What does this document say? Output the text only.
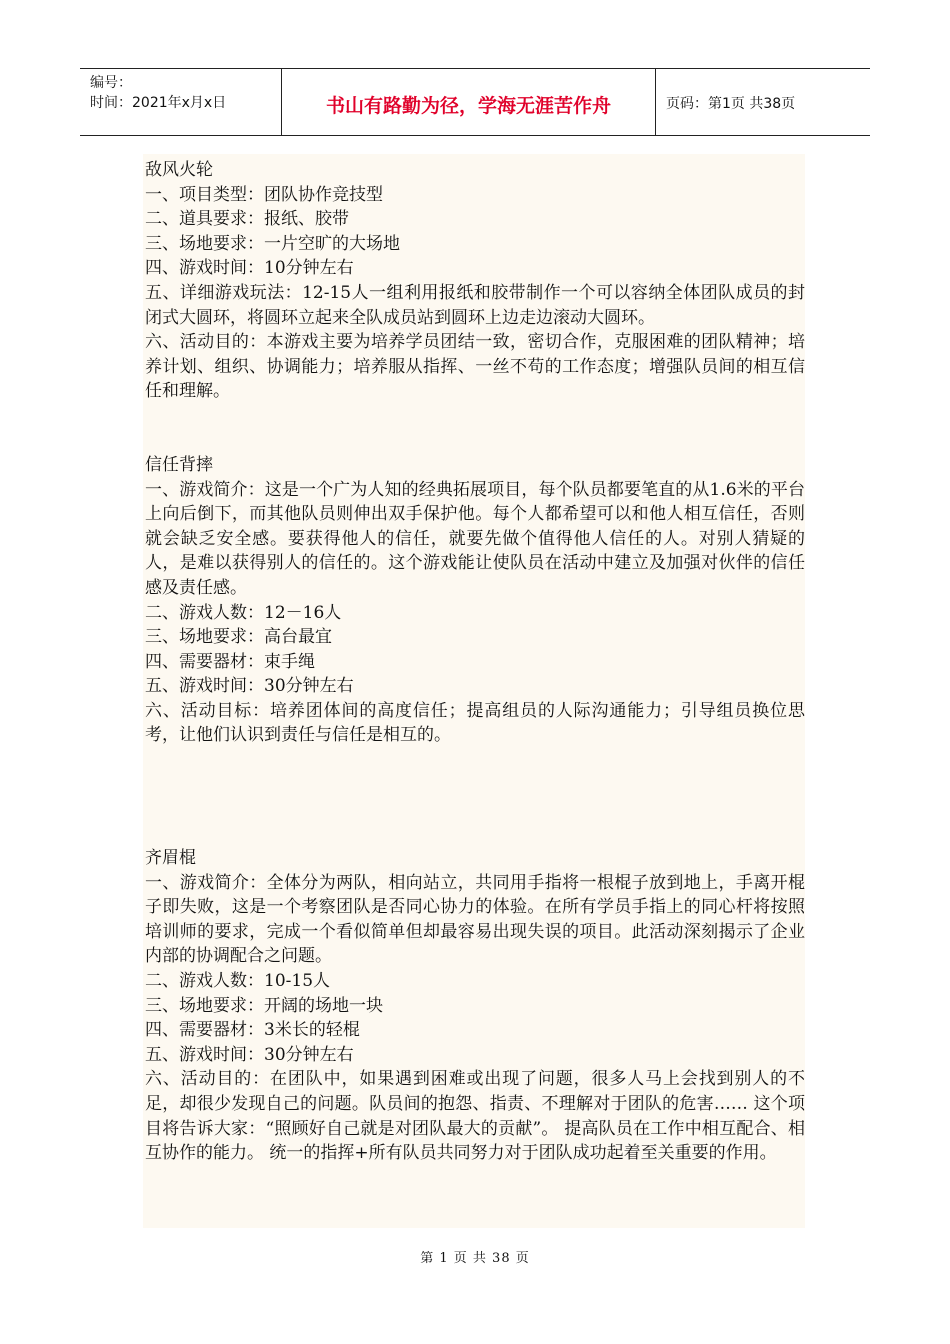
编号：
时间：2021年x月x日	书山有路勤为径，学海无涯苦作舟	页码：第1页 共38页

敌风火轮

一、项目类型：团队协作竞技型

二、道具要求：报纸、胶带

三、场地要求：一片空旷的大场地

四、游戏时间：10分钟左右

五、详细游戏玩法：12-15人一组利用报纸和胶带制作一个可以容纳全体团队成员的封闭式大圆环，将圆环立起来全队成员站到圆环上边走边滚动大圆环。

六、活动目的：本游戏主要为培养学员团结一致，密切合作，克服困难的团队精神；培养计划、组织、协调能力；培养服从指挥、一丝不苟的工作态度；增强队员间的相互信任和理解。

信任背摔

一、游戏简介：这是一个广为人知的经典拓展项目，每个队员都要笔直的从1.6米的平台上向后倒下，而其他队员则伸出双手保护他。每个人都希望可以和他人相互信任，否则就会缺乏安全感。要获得他人的信任，就要先做个值得他人信任的人。对别人猜疑的人，是难以获得别人的信任的。这个游戏能让使队员在活动中建立及加强对伙伴的信任感及责任感。

二、游戏人数：12－16人

三、场地要求：高台最宜

四、需要器材：束手绳

五、游戏时间：30分钟左右

六、活动目标：培养团体间的高度信任；提高组员的人际沟通能力；引导组员换位思考，让他们认识到责任与信任是相互的。

齐眉棍

一、游戏简介：全体分为两队，相向站立，共同用手指将一根棍子放到地上，手离开棍子即失败，这是一个考察团队是否同心协力的体验。在所有学员手指上的同心杆将按照培训师的要求，完成一个看似简单但却最容易出现失误的项目。此活动深刻揭示了企业内部的协调配合之问题。

二、游戏人数：10-15人

三、场地要求：开阔的场地一块

四、需要器材：3米长的轻棍

五、游戏时间：30分钟左右

六、活动目的：在团队中，如果遇到困难或出现了问题，很多人马上会找到别人的不足，却很少发现自己的问题。队员间的抱怨、指责、不理解对于团队的危害…… 这个项目将告诉大家：“照顾好自己就是对团队最大的贡献”。 提高队员在工作中相互配合、相互协作的能力。 统一的指挥+所有队员共同努力对于团队成功起着至关重要的作用。

第 1 页 共 38 页
